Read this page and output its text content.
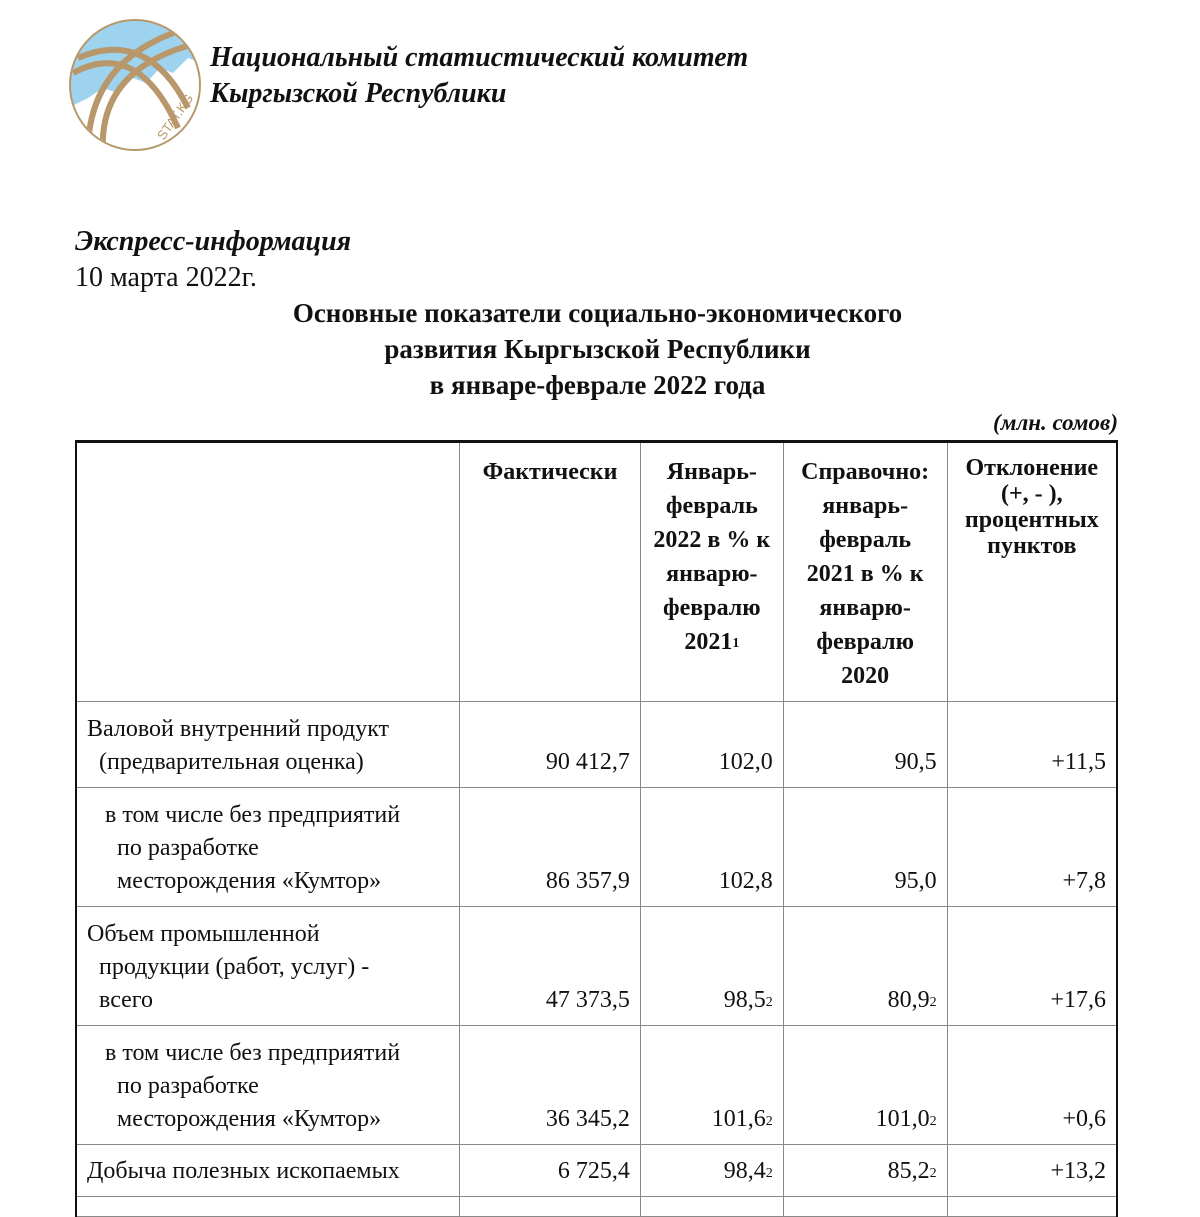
STAT.KG
Национальный статистический комитет
Кыргызской Республики
Экспресс-информация
10 марта 2022г.
Основные показатели социально-экономического
развития Кыргызской Республики
в январе-феврале 2022 года
(млн. сомов)
	Фактически	Январь-февраль 2022 в % к январю-февралю 2021$^1$	Справочно: январь-февраль 2021 в % к январю-февралю 2020	Отклонение (+, - ), процентных пунктов

Валовой внутренний продукт
(предварительная оценка)	90 412,7	102,0	90,5	+11,5

в том числе без предприятий
по разработке
месторождения «Кумтор»	86 357,9	102,8	95,0	+7,8

Объем промышленной
продукции (работ, услуг) -
всего	47 373,5	98,5$^2$	$80,9^2$	+17,6

в том числе без предприятий
по разработке
месторождения «Кумтор»	36 345,2	101,6$^2$	$101,0^2$	+0,6

Добыча полезных ископаемых	6 725,4	98,4$^2$	$85,2^2$	+13,2
